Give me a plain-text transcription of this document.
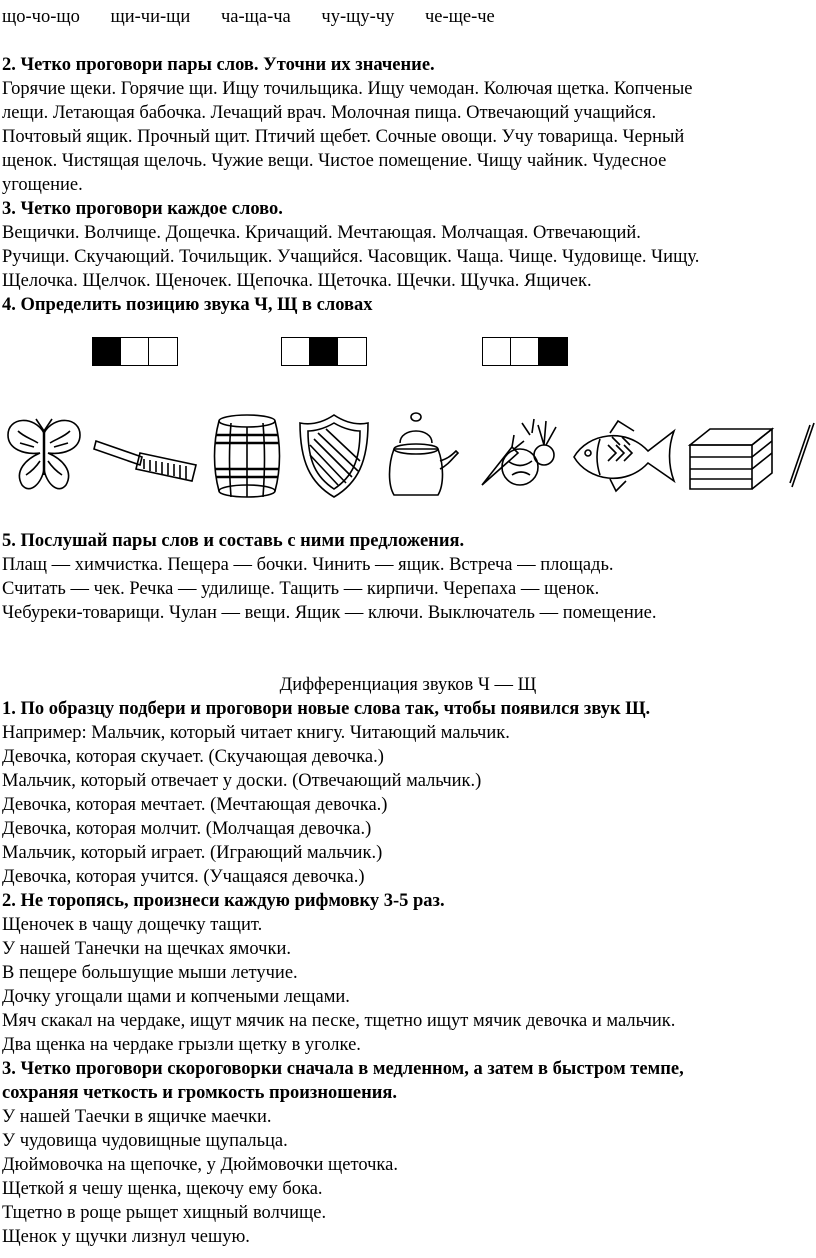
що-чо-що щи-чи-щи ча-ща-ча чу-щу-чу че-ще-че
2. Четко проговори пары слов. Уточни их значение.
Горячие щеки. Горячие щи. Ищу точильщика. Ищу чемодан. Колючая щетка. Копченые
лещи. Летающая бабочка. Лечащий врач. Молочная пища. Отвечающий учащийся.
Почтовый ящик. Прочный щит. Птичий щебет. Сочные овощи. Учу товарища. Черный
щенок. Чистящая щелочь. Чужие вещи. Чистое помещение. Чищу чайник. Чудесное
угощение.
3. Четко проговори каждое слово.
Вещички. Волчище. Дощечка. Кричащий. Мечтающая. Молчащая. Отвечающий.
Ручищи. Скучающий. Точильщик. Учащийся. Часовщик. Чаща. Чище. Чудовище. Чищу.
Щелочка. Щелчок. Щеночек. Щепочка. Щеточка. Щечки. Щучка. Ящичек.
4. Определить позицию звука Ч, Щ в словах
5. Послушай пары слов и составь с ними предложения.
Плащ — химчистка. Пещера — бочки. Чинить — ящик. Встреча — площадь.
Считать — чек. Речка — удилище. Тащить — кирпичи. Черепаха — щенок.
Чебуреки-товарищи. Чулан — вещи. Ящик — ключи. Выключатель — помещение.
Дифференциация звуков Ч — Щ
1. По образцу подбери и проговори новые слова так, чтобы появился звук Щ.
Например: Мальчик, который читает книгу. Читающий мальчик.
Девочка, которая скучает. (Скучающая девочка.)
Мальчик, который отвечает у доски. (Отвечающий мальчик.)
Девочка, которая мечтает. (Мечтающая девочка.)
Девочка, которая молчит. (Молчащая девочка.)
Мальчик, который играет. (Играющий мальчик.)
Девочка, которая учится. (Учащаяся девочка.)
2. Не торопясь, произнеси каждую рифмовку 3-5 раз.
Щеночек в чащу дощечку тащит.
У нашей Танечки на щечках ямочки.
В пещере большущие мыши летучие.
Дочку угощали щами и копчеными лещами.
Мяч скакал на чердаке, ищут мячик на песке, тщетно ищут мячик девочка и мальчик.
Два щенка на чердаке грызли щетку в уголке.
3. Четко проговори скороговорки сначала в медленном, а затем в быстром темпе,
сохраняя четкость и громкость произношения.
У нашей Таечки в ящичке маечки.
У чудовища чудовищные щупальца.
Дюймовочка на щепочке, у Дюймовочки щеточка.
Щеткой я чешу щенка, щекочу ему бока.
Тщетно в роще рыщет хищный волчище.
Щенок у щучки лизнул чешую.
